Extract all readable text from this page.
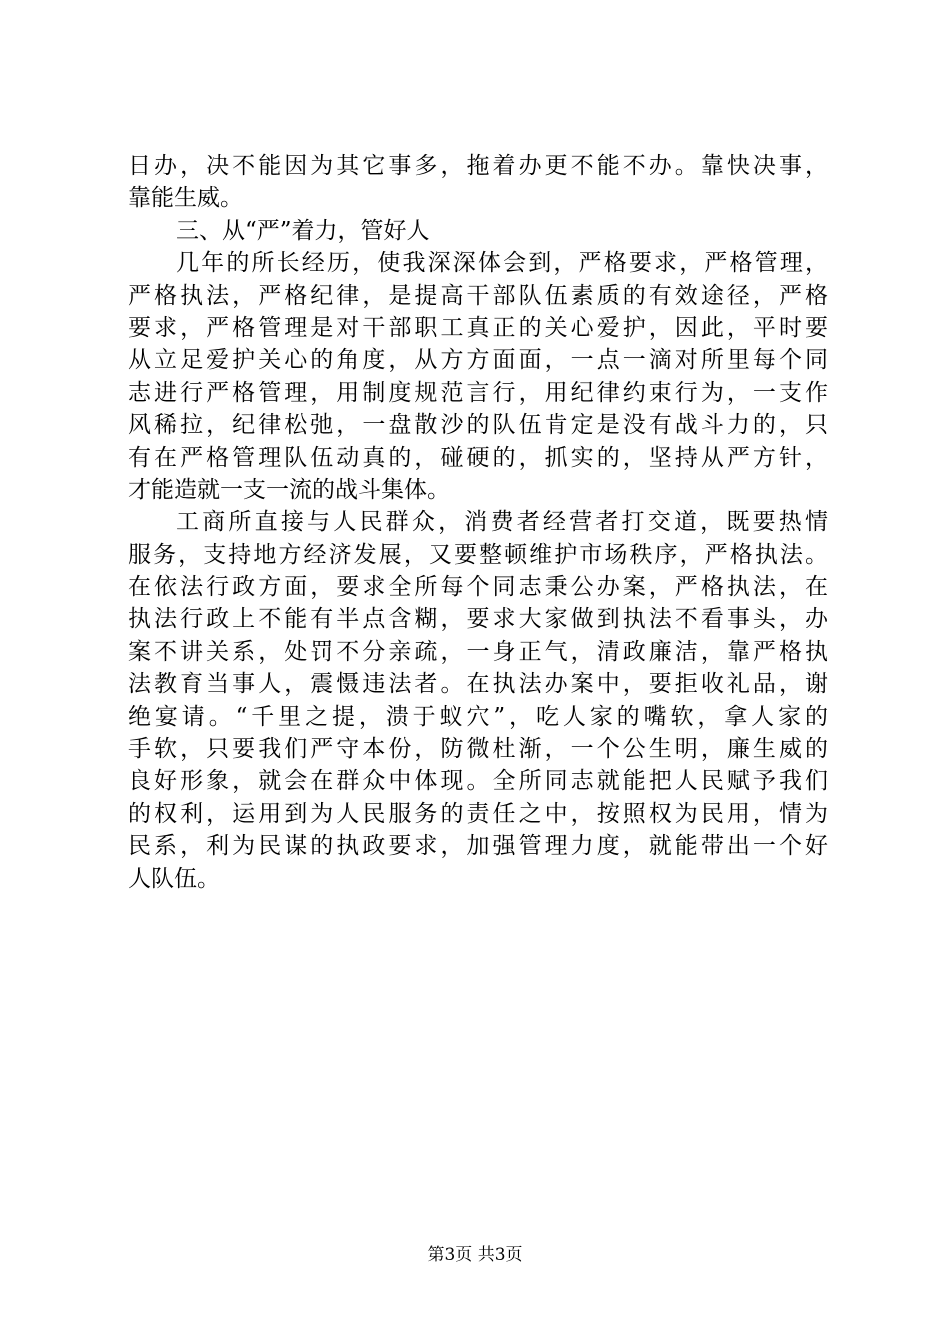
日办，决不能因为其它事多，拖着办更不能不办。靠快决事，
靠能生威。
三、从“严”着力，管好人
几年的所长经历，使我深深体会到，严格要求，严格管理，
严格执法，严格纪律，是提高干部队伍素质的有效途径，严格
要求，严格管理是对干部职工真正的关心爱护，因此，平时要
从立足爱护关心的角度，从方方面面，一点一滴对所里每个同
志进行严格管理，用制度规范言行，用纪律约束行为，一支作
风稀拉，纪律松弛，一盘散沙的队伍肯定是没有战斗力的，只
有在严格管理队伍动真的，碰硬的，抓实的，坚持从严方针，
才能造就一支一流的战斗集体。
工商所直接与人民群众，消费者经营者打交道，既要热情
服务，支持地方经济发展，又要整顿维护市场秩序，严格执法。
在依法行政方面，要求全所每个同志秉公办案，严格执法，在
执法行政上不能有半点含糊，要求大家做到执法不看事头，办
案不讲关系，处罚不分亲疏，一身正气，清政廉洁，靠严格执
法教育当事人，震慑违法者。在执法办案中，要拒收礼品，谢
绝宴请。“千里之提，溃于蚁穴”，吃人家的嘴软，拿人家的
手软，只要我们严守本份，防微杜渐，一个公生明，廉生威的
良好形象，就会在群众中体现。全所同志就能把人民赋予我们
的权利，运用到为人民服务的责任之中，按照权为民用，情为
民系，利为民谋的执政要求，加强管理力度，就能带出一个好
人队伍。
第3页 共3页
